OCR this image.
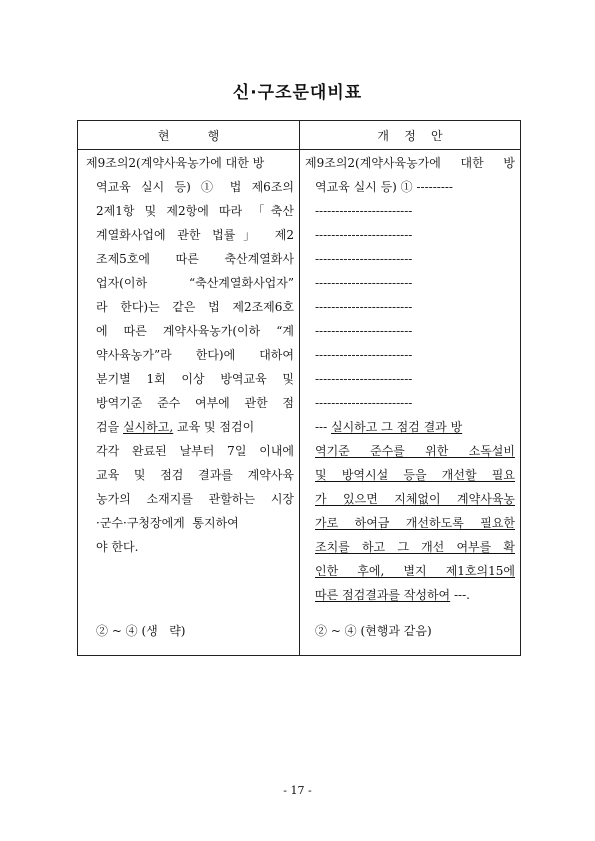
신·구조문대비표
현          행	개    정    안
제9조의2(계약사육농가에 대한 방
역교육 실시 등) ① 법 제6조의
2제1항 및 제2항에 따라 「축산
계열화사업에 관한 법률」 제2
조제5호에 따른 축산계열화사
업자(이하 “축산계열화사업자”
라 한다)는 같은 법 제2조제6호
에 따른 계약사육농가(이하 “계
약사육농가”라 한다)에 대하여
분기별 1회 이상 방역교육 및
방역기준 준수 여부에 관한 점
검을 실시하고, 교육 및 점검이
각각 완료된 날부터 7일 이내에
교육 및 점검 결과를 계약사육
농가의 소재지를 관할하는 시장
·군수·구청장에게  통지하여
야 한다.
② ~ ④ (생   략)
제9조의2(계약사육농가에 대한 방
역교육 실시 등) ① ---------
------------------------
------------------------
------------------------
------------------------
------------------------
------------------------
------------------------
------------------------
------------------------
--- 실시하고 그 점검 결과 방
역기준 준수를 위한 소독설비
및 방역시설 등을 개선할 필요
가 있으면 지체없이 계약사육농
가로 하여금 개선하도록 필요한
조치를 하고 그 개선 여부를 확
인한 후에, 별지 제1호의15에
따른 점검결과를 작성하여 ---.
② ~ ④ (현행과 같음)
- 17 -
